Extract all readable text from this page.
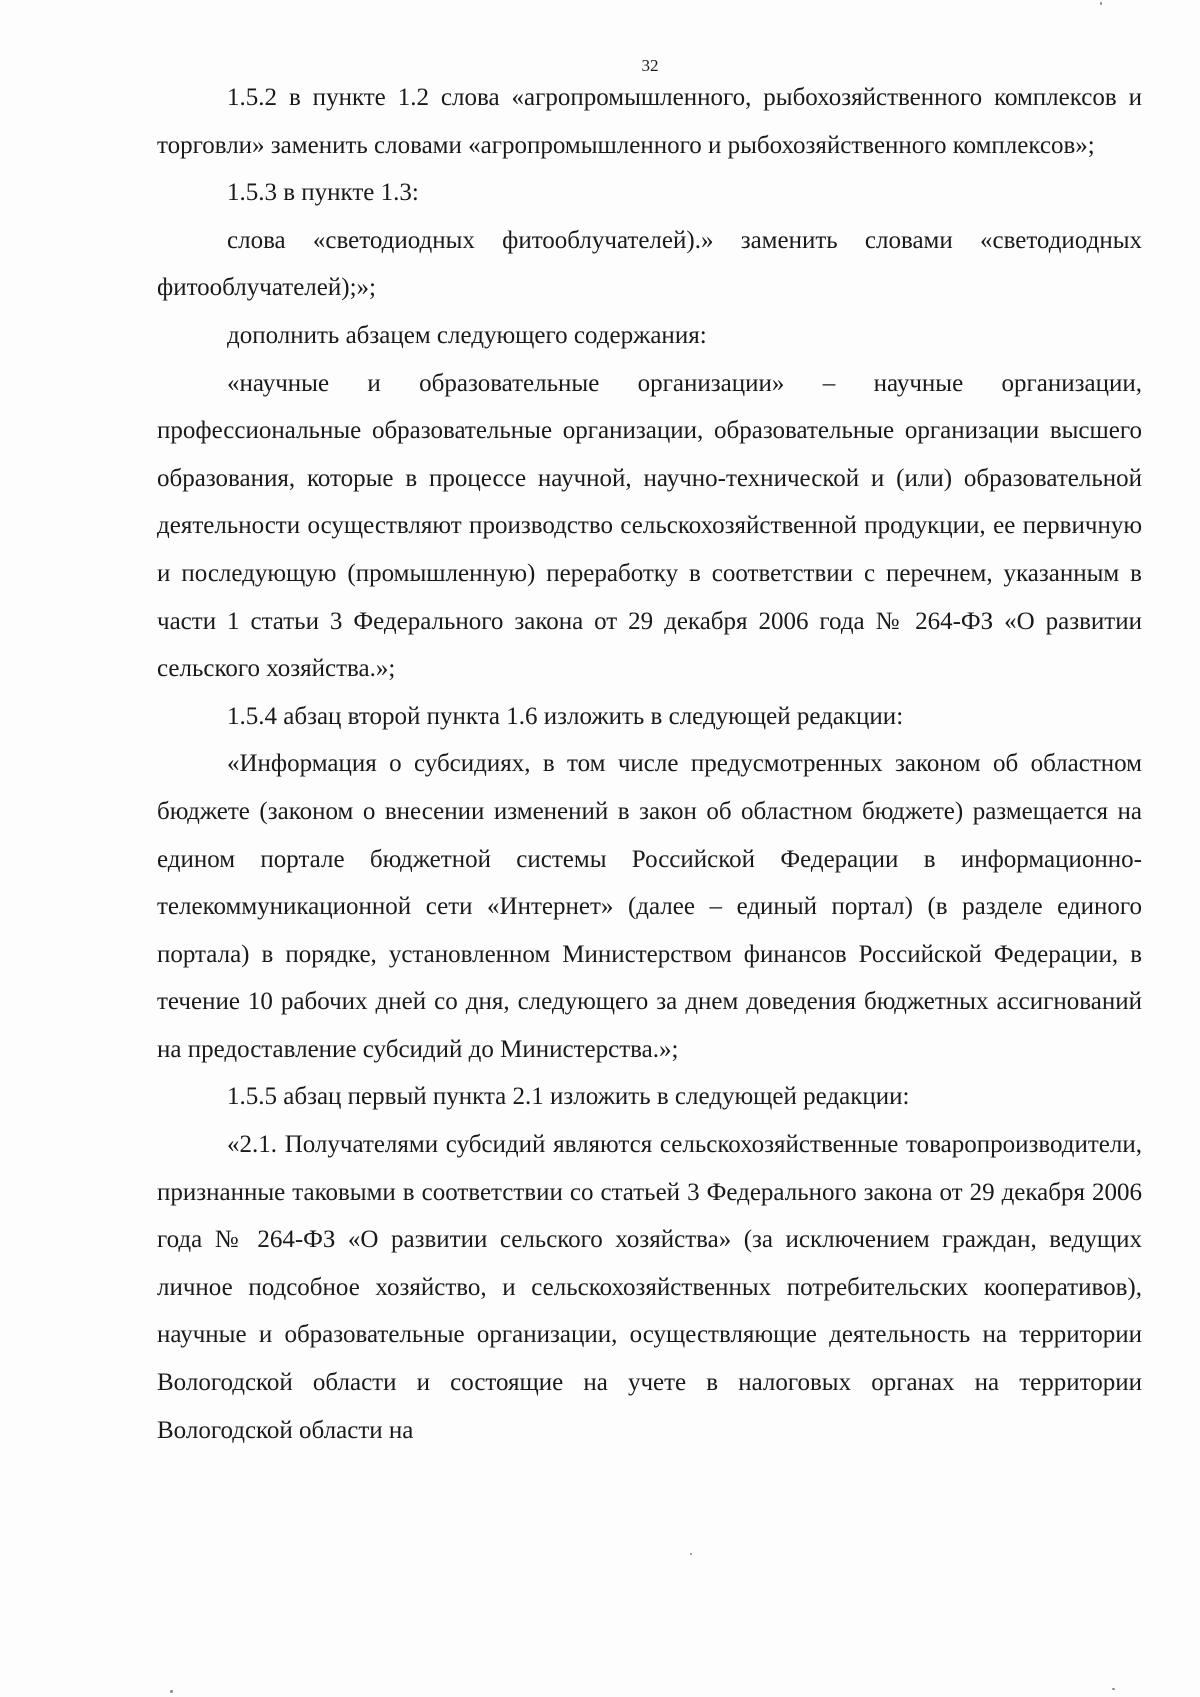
32

1.5.2 в пункте 1.2 слова «агропромышленного, рыбохозяйственного комплексов и торговли» заменить словами «агропромышленного и рыбохозяйственного комплексов»;

1.5.3 в пункте 1.3:

слова «светодиодных фитооблучателей).» заменить словами «светодиодных фитооблучателей);»;

дополнить абзацем следующего содержания:

«научные и образовательные организации» – научные организации, профессиональные образовательные организации, образовательные организации высшего образования, которые в процессе научной, научно-технической и (или) образовательной деятельности осуществляют производство сельскохозяйственной продукции, ее первичную и последующую (промышленную) переработку в соответствии с перечнем, указанным в части 1 статьи 3 Федерального закона от 29 декабря 2006 года № 264-ФЗ «О развитии сельского хозяйства.»;

1.5.4 абзац второй пункта 1.6 изложить в следующей редакции:

«Информация о субсидиях, в том числе предусмотренных законом об областном бюджете (законом о внесении изменений в закон об областном бюджете) размещается на едином портале бюджетной системы Российской Федерации в информационно-телекоммуникационной сети «Интернет» (далее – единый портал) (в разделе единого портала) в порядке, установленном Министерством финансов Российской Федерации, в течение 10 рабочих дней со дня, следующего за днем доведения бюджетных ассигнований на предоставление субсидий до Министерства.»;

1.5.5 абзац первый пункта 2.1 изложить в следующей редакции:

«2.1. Получателями субсидий являются сельскохозяйственные товаропроизводители, признанные таковыми в соответствии со статьей 3 Федерального закона от 29 декабря 2006 года № 264-ФЗ «О развитии сельского хозяйства» (за исключением граждан, ведущих личное подсобное хозяйство, и сельскохозяйственных потребительских кооперативов), научные и образовательные организации, осуществляющие деятельность на территории Вологодской области и состоящие на учете в налоговых органах на территории Вологодской области на
